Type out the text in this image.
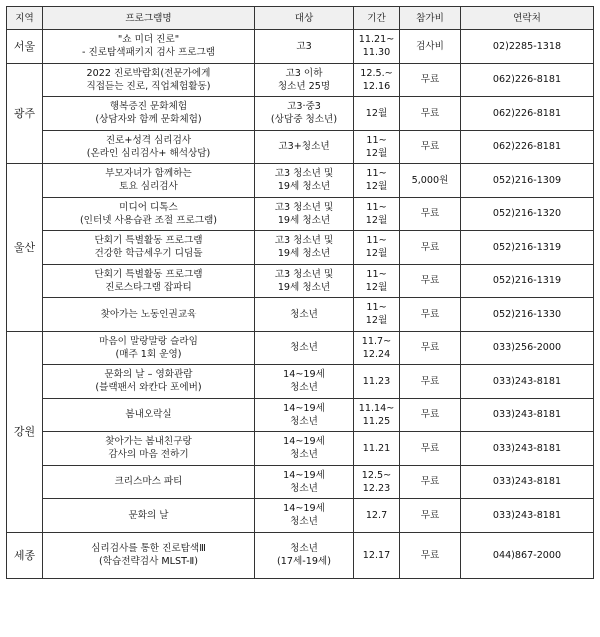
지역	프로그램명	대상	기간	참가비	연락처

서울	"쇼 미더 진로"
- 진로탐색패키지 검사 프로그램	고3	11.21~
11.30	검사비	02)2285-1318

광주	2022 진로박람회(전문가에게
직접듣는 진로, 직업체험활동)	고3 이하
청소년 25명	12.5.~
12.16	무료	062)226-8181

	행복증진 문화체험
(상담자와 함께 문화체험)	고3·중3
(상담중 청소년)	12월	무료	062)226-8181

	진로+성격 심리검사
(온라인 심리검사+ 해석상담)	고3+청소년	11~
12월	무료	062)226-8181

울산	부모자녀가 함께하는
토요 심리검사	고3 청소년 및
19세 청소년	11~
12월	5,000원	052)216-1309

	미디어 디톡스
(인터넷 사용습관 조절 프로그램)	고3 청소년 및
19세 청소년	11~
12월	무료	052)216-1320

	단회기 특별활동 프로그램
건강한 학급세우기 디딤돌	고3 청소년 및
19세 청소년	11~
12월	무료	052)216-1319

	단회기 특별활동 프로그램
진로스타그램 잡파티	고3 청소년 및
19세 청소년	11~
12월	무료	052)216-1319

	찾아가는 노동인권교육	청소년	11~
12월	무료	052)216-1330

강원	마음이 말랑말랑 슬라임
(매주 1회 운영)	청소년	11.7~
12.24	무료	033)256-2000

	문화의 날 – 영화관람
(블랙팬서 와칸다 포에버)	14~19세
청소년	11.23	무료	033)243-8181

	봄내오락실	14~19세
청소년	11.14~
11.25	무료	033)243-8181

	찾아가는 봄내친구랑
감사의 마음 전하기	14~19세
청소년	11.21	무료	033)243-8181

	크리스마스 파티	14~19세
청소년	12.5~
12.23	무료	033)243-8181

	문화의 날	14~19세
청소년	12.7	무료	033)243-8181

세종	심리검사를 통한 진로탐색Ⅲ
(학습전략검사 MLST-Ⅱ)	청소년
(17세-19세)	12.17	무료	044)867-2000
